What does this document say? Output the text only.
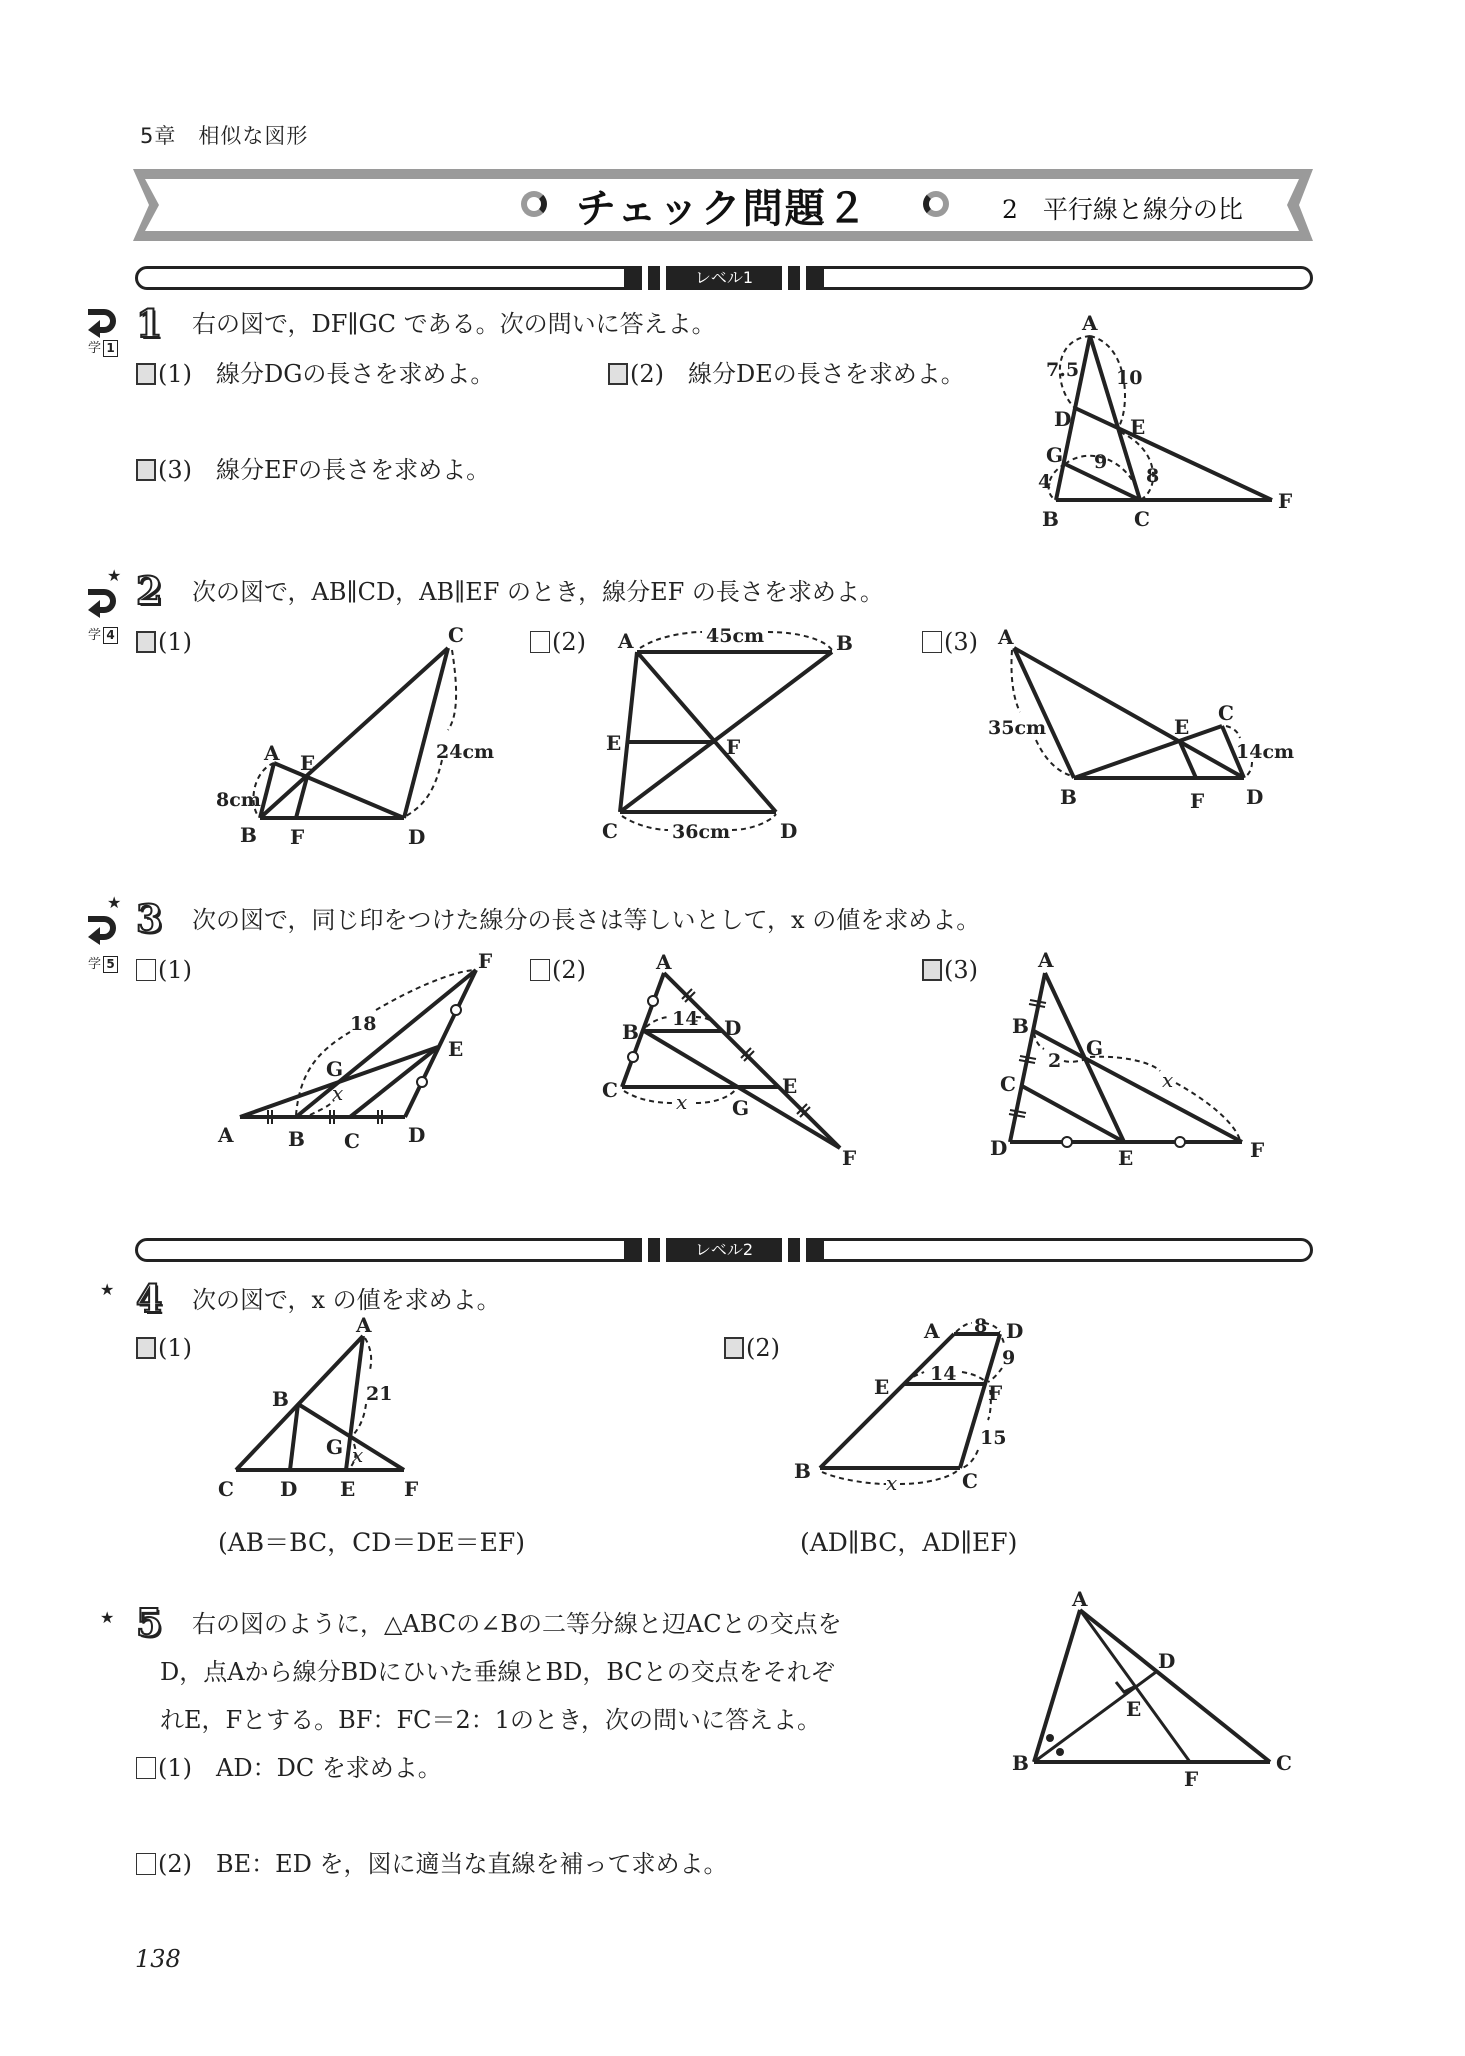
5章　相似な図形
チェック問題２	2　平行線と線分の比
レベル1
学 1
1 右の図で，DF∥GC である。次の問いに答えよ。
(1)　 線分DGの長さを求めよ。	(2)　 線分DEの長さを求めよ。
(3)　 線分EFの長さを求めよ。
A
B	C
D	E
F
G
7.5 10
9
8
4
★
学 4
2 次の図で，AB∥CD，AB∥EF のとき，線分EF の長さを求めよ。
(1)	(2)	(3)
A
B
C
D
E
F
8cm
24cm
A	B
C	D
E	F
45cm
36cm
A
B
C
D
E
F
35cm
14cm
★
学 5
3 次の図で，同じ印をつけた線分の長さは等しいとして，x の値を求めよ。
(1)	(2)	(3)
A	B C D
E
F
G
18
x
A
B
C
D
E
F
G
14
x
A
B
C
D	E	F
G
2
x
レベル2
★ 4 次の図で，x の値を求めよ。
(1)	(2)
A
B
C D E F
G
21
x
(AB＝BC，CD＝DE＝EF)
A
B	C
D
E	F
8
9
14
15
x
(AD∥BC，AD∥EF)
★ 5 右の図のように，△ABCの∠Bの二等分線と辺ACとの交点を
D，点Aから線分BDにひいた垂線とBD，BCとの交点をそれぞ
れE，Fとする。BF：FC＝2：1のとき，次の問いに答えよ。
(1)　 AD：DC を求めよ。
(2)　 BE：ED を，図に適当な直線を補って求めよ。
A
B	C
D
E
F
138
